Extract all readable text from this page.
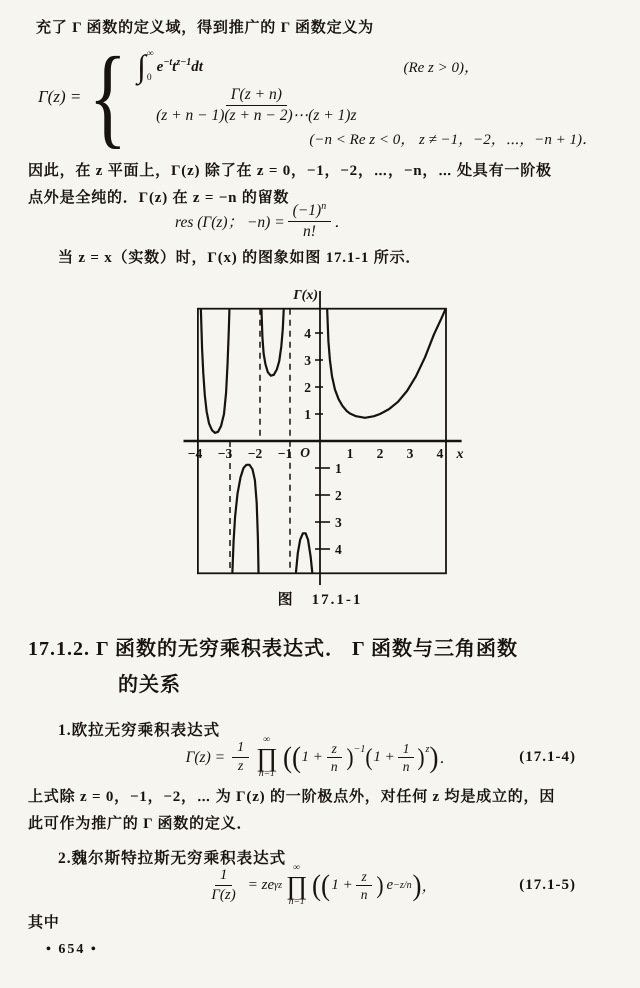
充了 Γ 函数的定义域，得到推广的 Γ 函数定义为
Γ(z) = { ∫ ∞
0
$e^{-t}t^{z-1}dt$	(Re z > 0)，
$\frac{\Gamma(z + n)}{(z + n - 1)(z + n - 2)\cdots(z + 1)z}$
(−n < Re z < 0， z ≠ −1，−2，⋯，−n + 1)．
因此，在 z 平面上，Γ(z) 除了在 z = 0，−1，−2，⋯，−n，⋯ 处具有一阶极
点外是全纯的．Γ(z) 在 z = −n 的留数
res (Γ(z)； $-n) = \frac{(-1)^n}{n!}$ ．
当 z = x（实数）时，Γ(x) 的图象如图 17.1-1 所示．
−4 −3 −2 −1	1 2 3 4
4
3
2
1
1
2
3
4
Γ(x)
x
O
图　17.1-1
17.1.2. Γ 函数的无穷乘积表达式． Γ 函数与三角函数
的关系
1.欧拉无穷乘积表达式
$\Gamma(z) = \frac{1}{z}$
∞
∏
n=1
(( $1 + \frac{z}{n} )^{-1}$ ( $1 + \frac{1}{n} )^z$ ) ．	(17.1-4)
上式除 z = 0，−1，−2，⋯ 为 Γ(z) 的一阶极点外，对任何 z 均是成立的，因
此可作为推广的 Γ 函数的定义．
2.魏尔斯特拉斯无穷乘积表达式
$\frac{1}{\Gamma(z)}$ = ze γz
∞
∏
n=1
(( $1 + \frac{z}{n}$ ) e −z/n ) ，	(17.1-5)
其中
• 654 •
